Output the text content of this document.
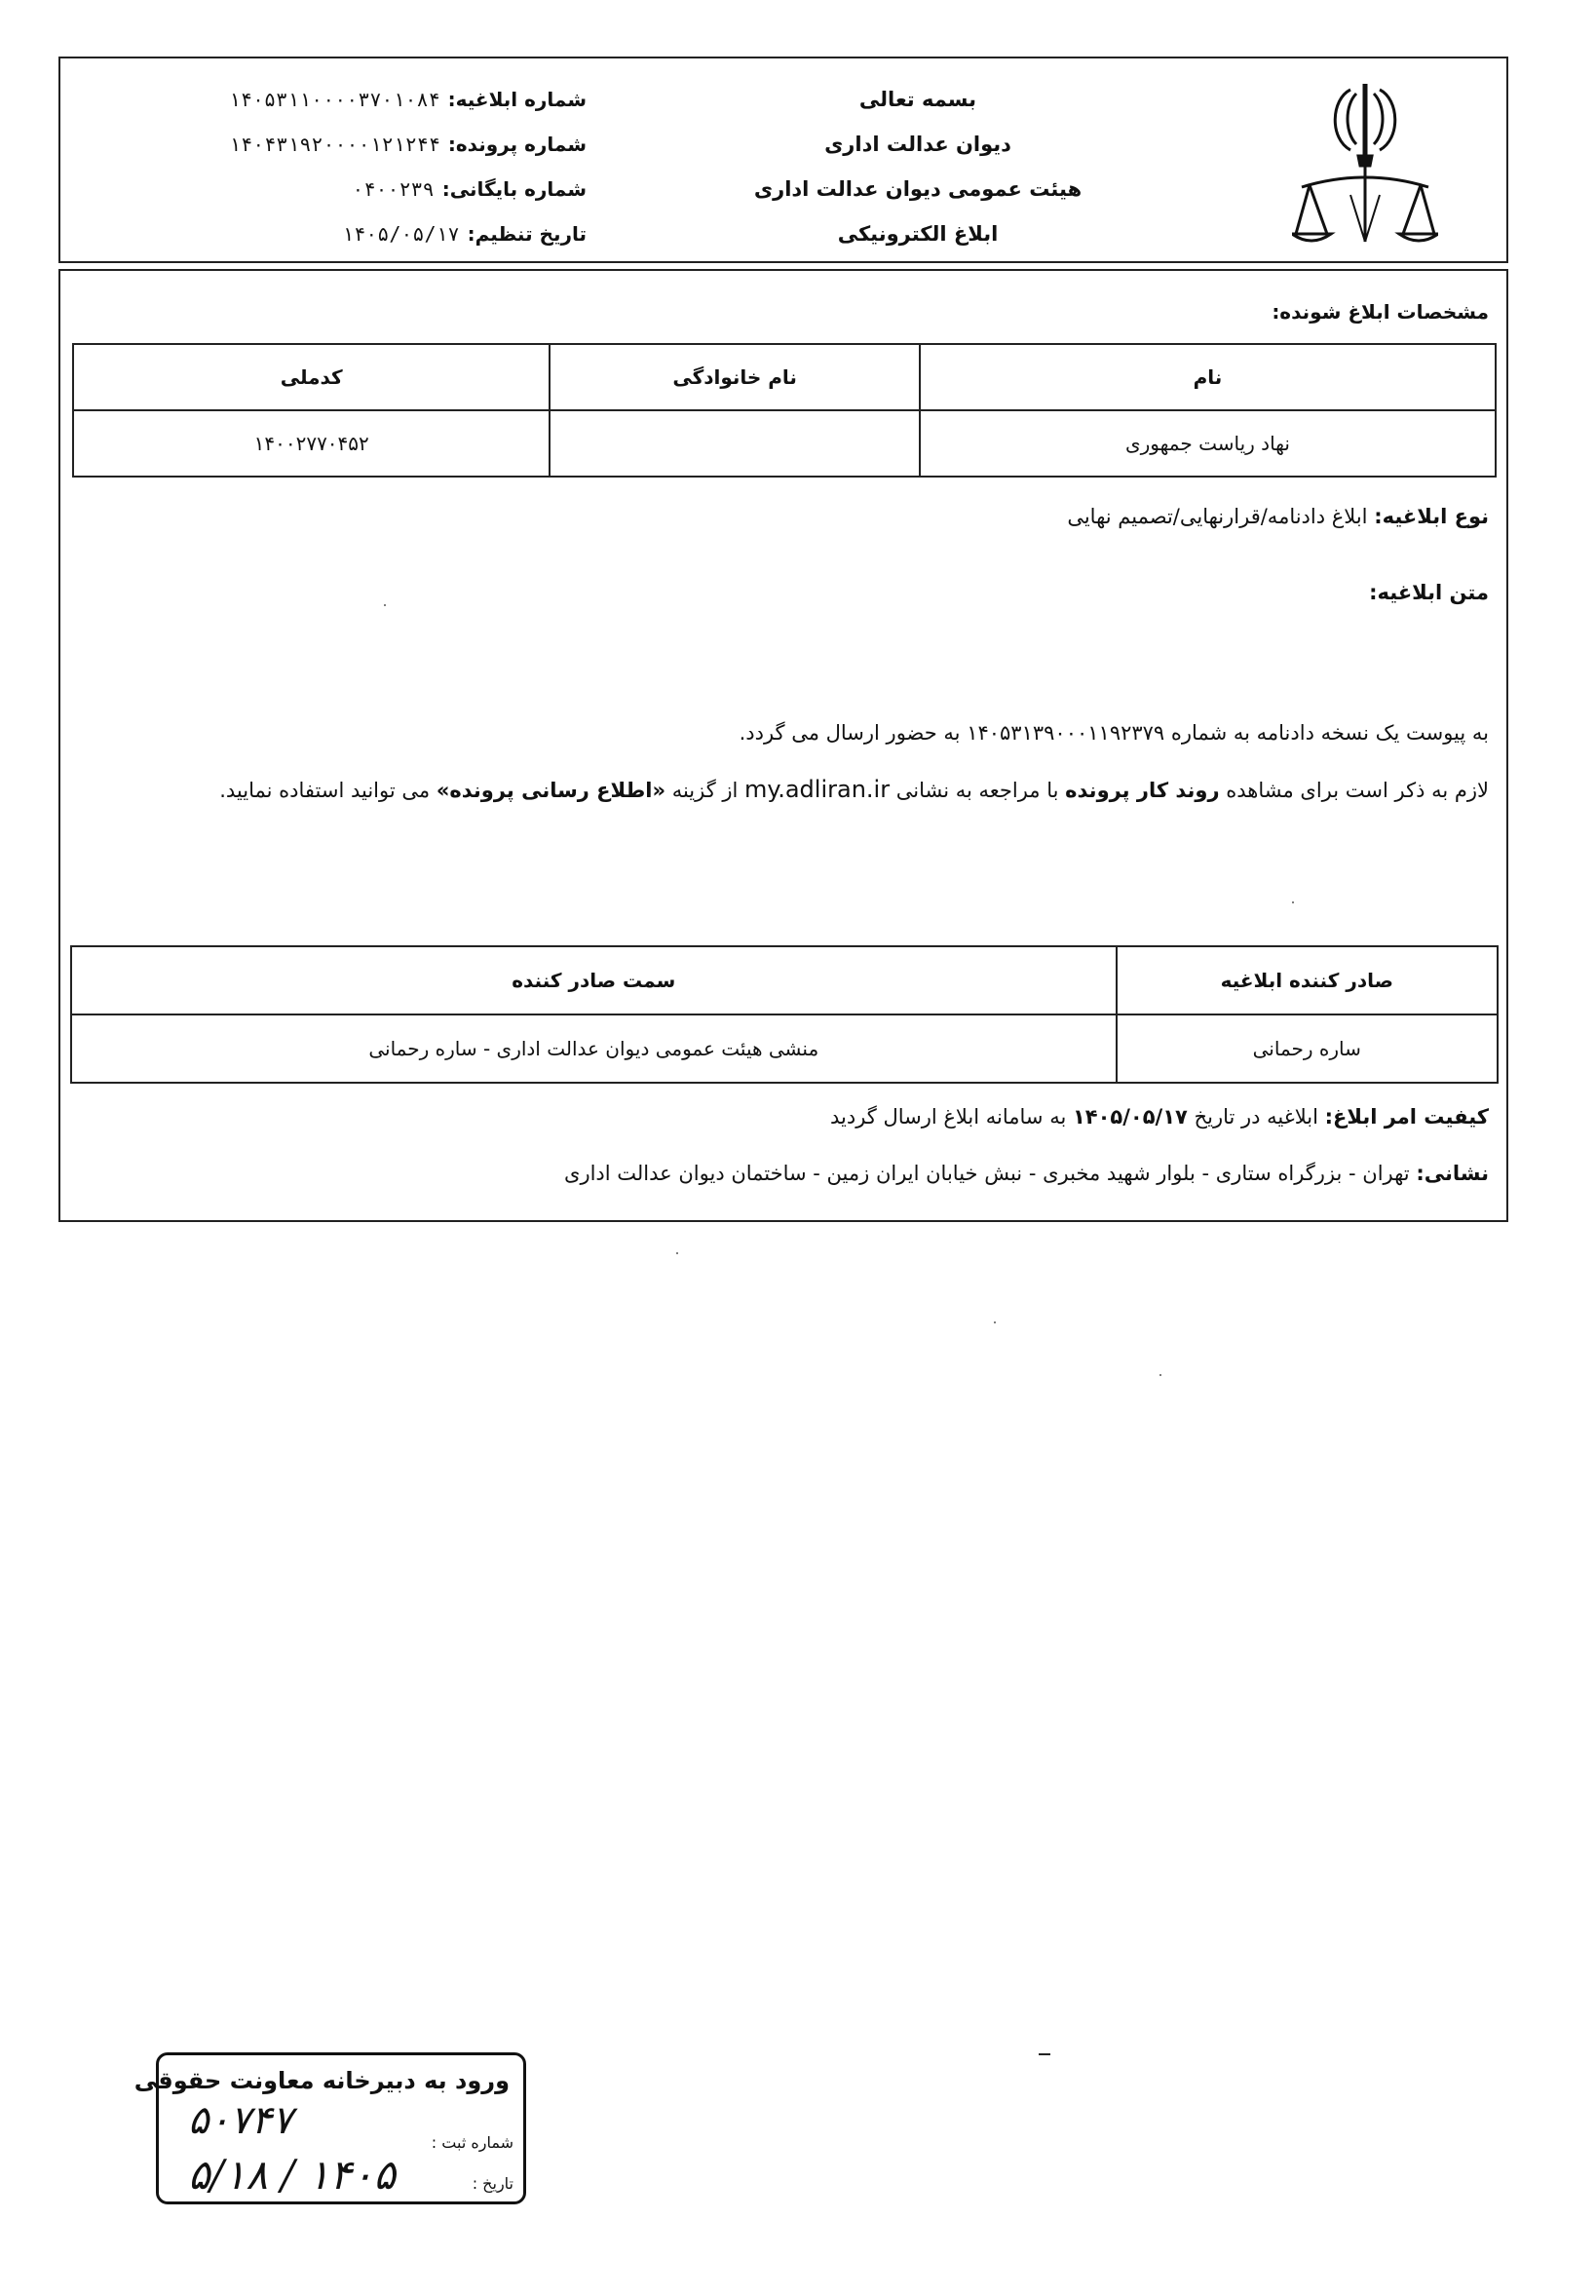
بسمه تعالی
دیوان عدالت اداری
هیئت عمومی دیوان عدالت اداری
ابلاغ الکترونیکی
شماره ابلاغیه:۱۴۰۵۳۱۱۰۰۰۰۳۷۰۱۰۸۴
شماره پرونده:۱۴۰۴۳۱۹۲۰۰۰۰۱۲۱۲۴۴
شماره بایگانی:۰۴۰۰۲۳۹
تاریخ تنظیم:۱۴۰۵/۰۵/۱۷
مشخصات ابلاغ شونده:
نام	نام خانوادگی	کدملی
نهاد ریاست جمهوری		۱۴۰۰۲۷۷۰۴۵۲
نوع ابلاغیه: ابلاغ دادنامه/قرارنهایی/تصمیم نهایی
متن ابلاغیه:
به پیوست یک نسخه دادنامه به شماره ۱۴۰۵۳۱۳۹۰۰۰۱۱۹۲۳۷۹ به حضور ارسال می گردد.
لازم به ذکر است برای مشاهده روند کار پرونده با مراجعه به نشانی my.adliran.ir از گزینه «اطلاع رسانی پرونده» می توانید استفاده نمایید.
صادر کننده ابلاغیه	سمت صادر کننده
ساره رحمانی	منشی هیئت عمومی دیوان عدالت اداری - ساره رحمانی
کیفیت امر ابلاغ: ابلاغیه در تاریخ ۱۴۰۵/۰۵/۱۷ به سامانه ابلاغ ارسال گردید
نشانی: تهران - بزرگراه ستاری - بلوار شهید مخبری - نبش خیابان ایران زمین - ساختمان دیوان عدالت اداری
ورود به دبیرخانه معاونت حقوقی
شماره ثبت :
تاریخ :
۵۰۷۴۷
۱۴۰۵ / ۵/۱۸
